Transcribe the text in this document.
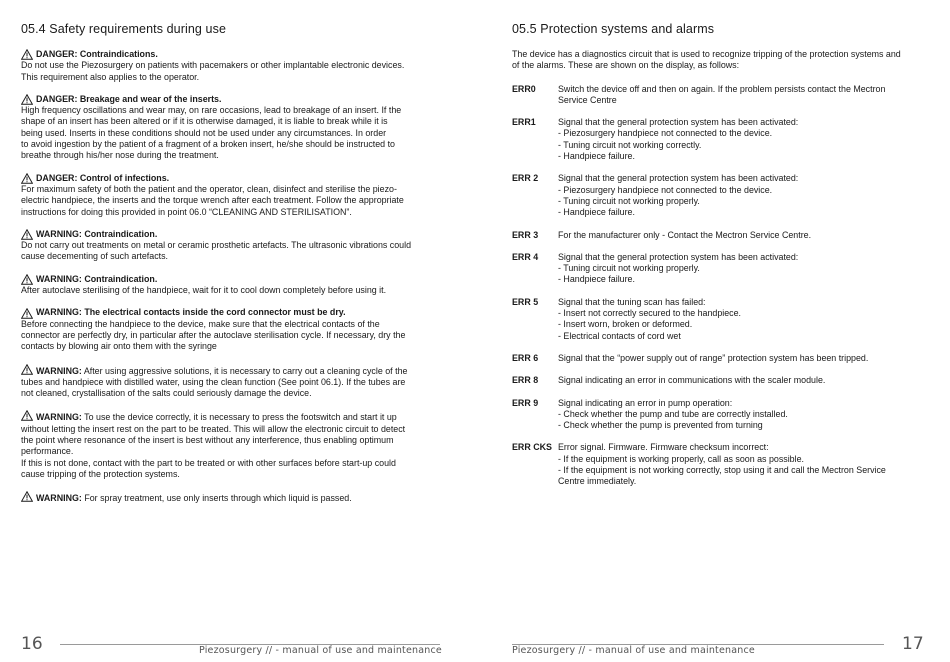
05.4 Safety requirements during use
DANGER: Contraindications.
Do not use the Piezosurgery on patients with pacemakers or other implantable electronic devices.
This requirement also applies to the operator.
DANGER: Breakage and wear of the inserts.
High frequency oscillations and wear may, on rare occasions, lead to breakage of an insert. If the
shape of an insert has been altered or if it is otherwise damaged, it is liable to break while it is
being used. Inserts in these conditions should not be used under any circumstances. In order
to avoid ingestion by the patient of a fragment of a broken insert, he/she should be instructed to
breathe through his/her nose during the treatment.
DANGER: Control of infections.
For maximum safety of both the patient and the operator, clean, disinfect and sterilise the piezo-
electric handpiece, the inserts and the torque wrench after each treatment. Follow the appropriate
instructions for doing this provided in point 06.0 “CLEANING AND STERILISATION”.
WARNING: Contraindication.
Do not carry out treatments on metal or ceramic prosthetic artefacts. The ultrasonic vibrations could
cause decementing of such artefacts.
WARNING: Contraindication.
After autoclave sterilising of the handpiece, wait for it to cool down completely before using it.
WARNING: The electrical contacts inside the cord connector must be dry.
Before connecting the handpiece to the device, make sure that the electrical contacts of the
connector are perfectly dry, in particular after the autoclave sterilisation cycle. If necessary, dry the
contacts by blowing air onto them with the syringe
WARNING: After using aggressive solutions, it is necessary to carry out a cleaning cycle of the
tubes and handpiece with distilled water, using the clean function (See point 06.1). If the tubes are
not cleaned, crystallisation of the salts could seriously damage the device.
WARNING: To use the device correctly, it is necessary to press the footswitch and start it up
without letting the insert rest on the part to be treated. This will allow the electronic circuit to detect
the point where resonance of the insert is best without any interference, thus enabling optimum
performance.
If this is not done, contact with the part to be treated or with other surfaces before start-up could
cause tripping of the protection systems.
WARNING: For spray treatment, use only inserts through which liquid is passed.
05.5 Protection systems and alarms
The device has a diagnostics circuit that is used to recognize tripping of the protection systems and
of the alarms. These are shown on the display, as follows:
ERR0	Switch the device off and then on again. If the problem persists contact the Mectron
Service Centre
ERR1	Signal that the general protection system has been activated:
- Piezosurgery handpiece not connected to the device.
- Tuning circuit not working correctly.
- Handpiece failure.
ERR 2	Signal that the general protection system has been activated:
- Piezosurgery handpiece not connected to the device.
- Tuning circuit not working properly.
- Handpiece failure.
ERR 3	For the manufacturer only - Contact the Mectron Service Centre.
ERR 4	Signal that the general protection system has been activated:
- Tuning circuit not working properly.
- Handpiece failure.
ERR 5	Signal that the tuning scan has failed:
- Insert not correctly secured to the handpiece.
- Insert worn, broken or deformed.
- Electrical contacts of cord wet
ERR 6	Signal that the “power supply out of range” protection system has been tripped.
ERR 8	Signal indicating an error in communications with the scaler module.
ERR 9	Signal indicating an error in pump operation:
- Check whether the pump and tube are correctly installed.
- Check whether the pump is prevented from turning
ERR CKS Error signal. Firmware. Firmware checksum incorrect:
- If the equipment is working properly, call as soon as possible.
- If the equipment is not working correctly, stop using it and call the Mectron Service
Centre immediately.
16	Piezosurgery // - manual of use and maintenance	Piezosurgery // - manual of use and maintenance	17
